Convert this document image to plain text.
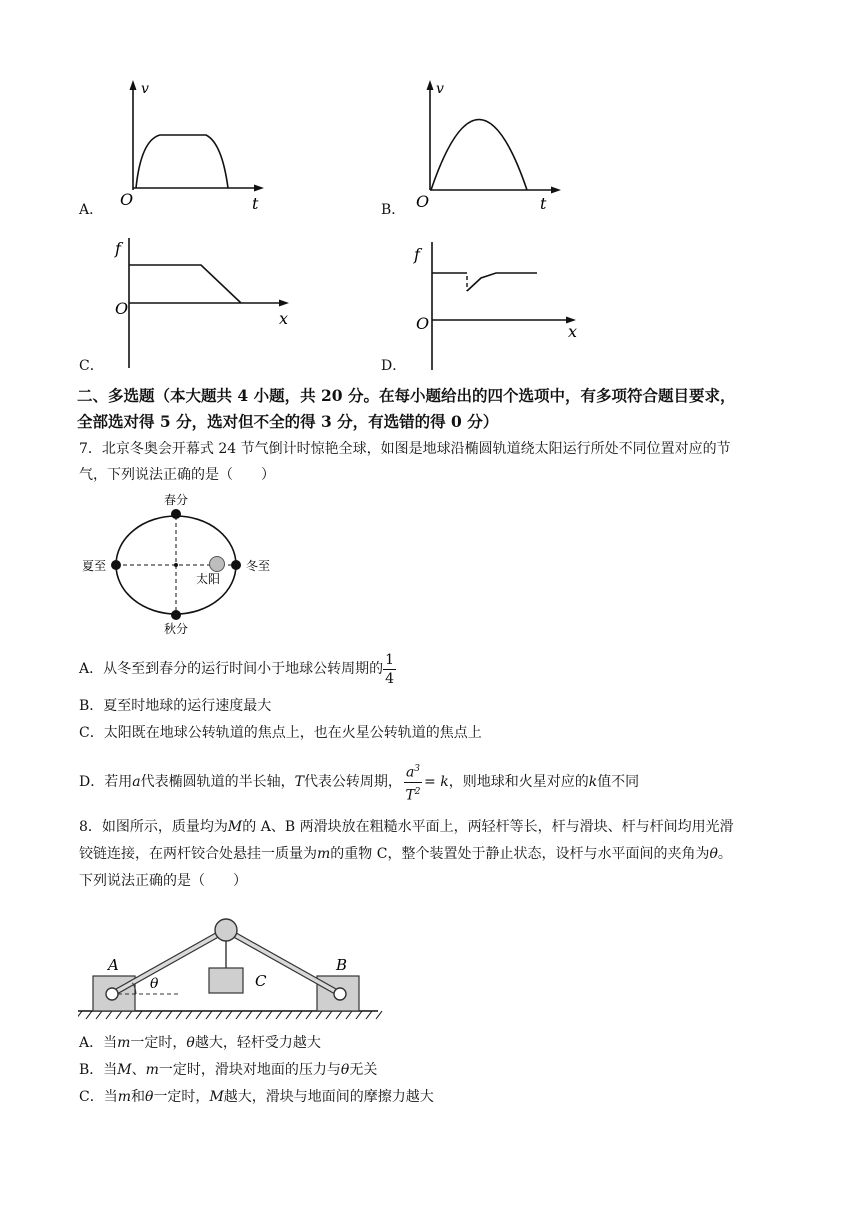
v
O	t
A．
v
O	t
B．
f
O
x
C．
f
O	x
D．
二、多选题（本大题共 4 小题，共 20 分。在每小题给出的四个选项中，有多项符合题目要求，
全部选对得 5 分，选对但不全的得 3 分，有选错的得 0 分）
7．北京冬奥会开幕式 24 节气倒计时惊艳全球，如图是地球沿椭圆轨道绕太阳运行所处不同位置对应的节
气，下列说法正确的是（　　）
春分
夏至	冬至
秋分
太阳
A．从冬至到春分的运行时间小于地球公转周期的 $\frac{1}{4}$
B．夏至时地球的运行速度最大
C．太阳既在地球公转轨道的焦点上，也在火星公转轨道的焦点上
D．若用a代表椭圆轨道的半长轴，T代表公转周期， $\frac{a^3}{T^2} = k$，则地球和火星对应的k值不同
8．如图所示，质量均为M的 A、B 两滑块放在粗糙水平面上，两轻杆等长，杆与滑块、杆与杆间均用光滑
铰链连接，在两杆铰合处悬挂一质量为m的重物 C，整个装置处于静止状态，设杆与水平面间的夹角为θ。
下列说法正确的是（　　）
A	B
C
θ
A．当m一定时，θ越大，轻杆受力越大
B．当M、m一定时，滑块对地面的压力与θ无关
C．当m和θ一定时，M越大，滑块与地面间的摩擦力越大
